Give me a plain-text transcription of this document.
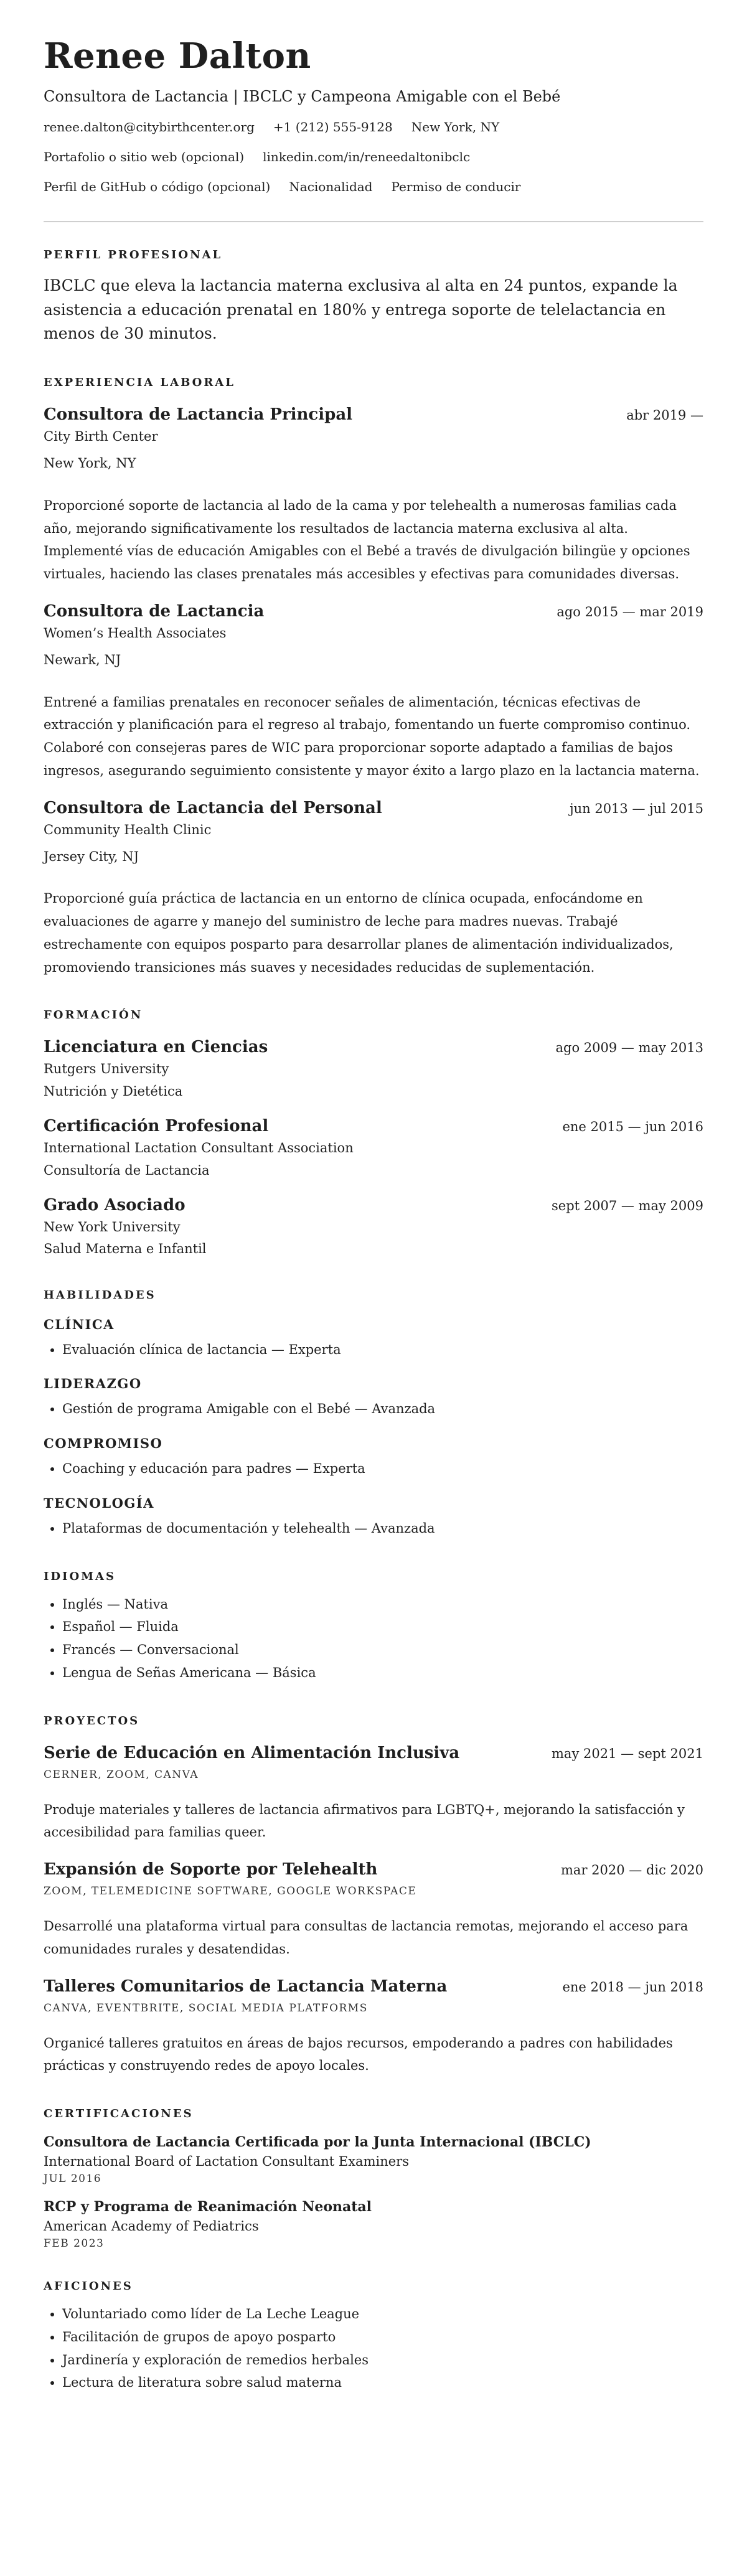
Renee Dalton
Consultora de Lactancia | IBCLC y Campeona Amigable con el Bebé
renee.dalton@citybirthcenter.org +1 (212) 555-9128 New York, NY
Portafolio o sitio web (opcional) linkedin.com/in/reneedaltonibclc
Perfil de GitHub o código (opcional) Nacionalidad Permiso de conducir
PERFIL PROFESIONAL
IBCLC que eleva la lactancia materna exclusiva al alta en 24 puntos, expande la asistencia a educación prenatal en 180% y entrega soporte de telelactancia en menos de 30 minutos.
EXPERIENCIA LABORAL
Consultora de Lactancia Principal	abr 2019 —
City Birth Center
New York, NY
Proporcioné soporte de lactancia al lado de la cama y por telehealth a numerosas familias cada año, mejorando significativamente los resultados de lactancia materna exclusiva al alta. Implementé vías de educación Amigables con el Bebé a través de divulgación bilingüe y opciones virtuales, haciendo las clases prenatales más accesibles y efectivas para comunidades diversas.
Consultora de Lactancia	ago 2015 — mar 2019
Women’s Health Associates
Newark, NJ
Entrené a familias prenatales en reconocer señales de alimentación, técnicas efectivas de extracción y planificación para el regreso al trabajo, fomentando un fuerte compromiso continuo. Colaboré con consejeras pares de WIC para proporcionar soporte adaptado a familias de bajos ingresos, asegurando seguimiento consistente y mayor éxito a largo plazo en la lactancia materna.
Consultora de Lactancia del Personal	jun 2013 — jul 2015
Community Health Clinic
Jersey City, NJ
Proporcioné guía práctica de lactancia en un entorno de clínica ocupada, enfocándome en evaluaciones de agarre y manejo del suministro de leche para madres nuevas. Trabajé estrechamente con equipos posparto para desarrollar planes de alimentación individualizados, promoviendo transiciones más suaves y necesidades reducidas de suplementación.
FORMACIÓN
Licenciatura en Ciencias	ago 2009 — may 2013
Rutgers University
Nutrición y Dietética
Certificación Profesional	ene 2015 — jun 2016
International Lactation Consultant Association
Consultoría de Lactancia
Grado Asociado	sept 2007 — may 2009
New York University
Salud Materna e Infantil
HABILIDADES
CLÍNICA
• Evaluación clínica de lactancia — Experta
LIDERAZGO
• Gestión de programa Amigable con el Bebé — Avanzada
COMPROMISO
• Coaching y educación para padres — Experta
TECNOLOGÍA
• Plataformas de documentación y telehealth — Avanzada
IDIOMAS
• Inglés — Nativa
• Español — Fluida
• Francés — Conversacional
• Lengua de Señas Americana — Básica
PROYECTOS
Serie de Educación en Alimentación Inclusiva	may 2021 — sept 2021
CERNER, ZOOM, CANVA
Produje materiales y talleres de lactancia afirmativos para LGBTQ+, mejorando la satisfacción y accesibilidad para familias queer.
Expansión de Soporte por Telehealth	mar 2020 — dic 2020
ZOOM, TELEMEDICINE SOFTWARE, GOOGLE WORKSPACE
Desarrollé una plataforma virtual para consultas de lactancia remotas, mejorando el acceso para comunidades rurales y desatendidas.
Talleres Comunitarios de Lactancia Materna	ene 2018 — jun 2018
CANVA, EVENTBRITE, SOCIAL MEDIA PLATFORMS
Organicé talleres gratuitos en áreas de bajos recursos, empoderando a padres con habilidades prácticas y construyendo redes de apoyo locales.
CERTIFICACIONES
Consultora de Lactancia Certificada por la Junta Internacional (IBCLC)
International Board of Lactation Consultant Examiners
JUL 2016
RCP y Programa de Reanimación Neonatal
American Academy of Pediatrics
FEB 2023
AFICIONES
• Voluntariado como líder de La Leche League
• Facilitación de grupos de apoyo posparto
• Jardinería y exploración de remedios herbales
• Lectura de literatura sobre salud materna
